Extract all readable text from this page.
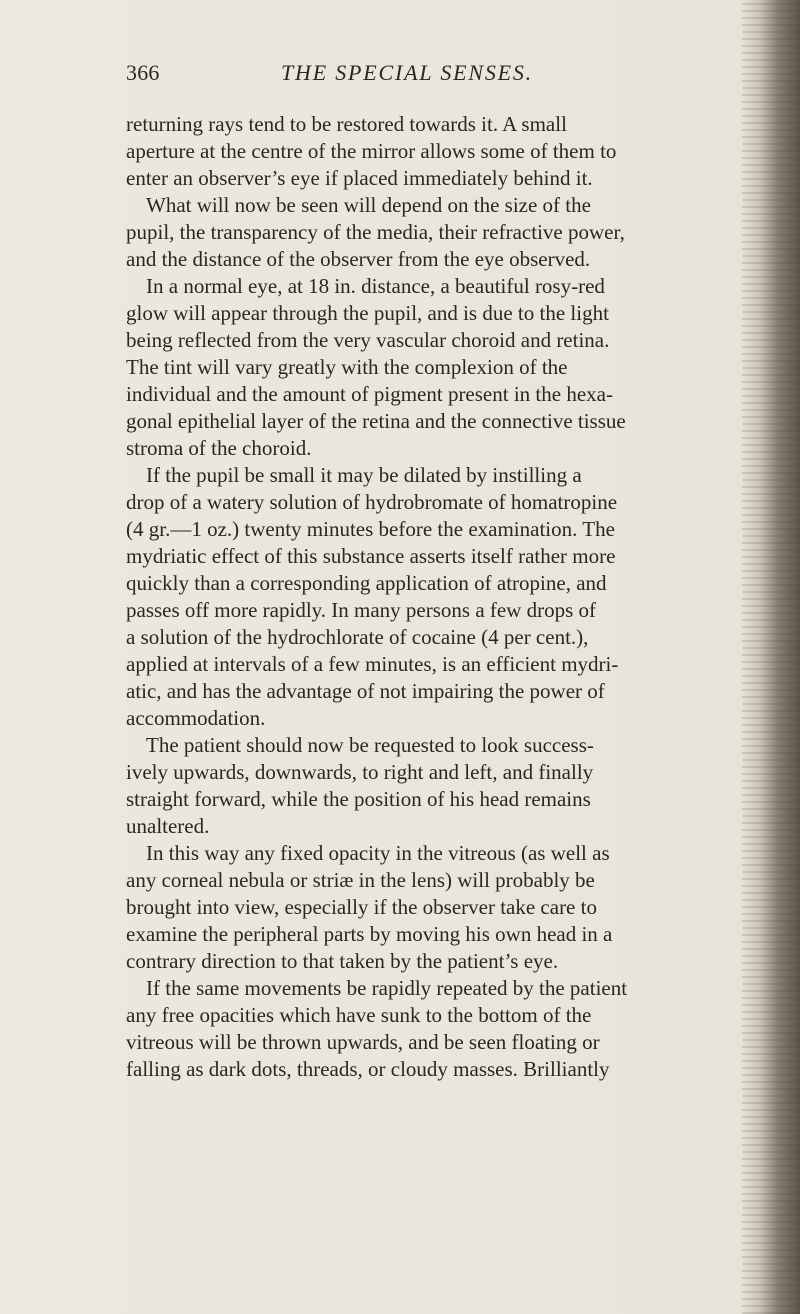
366	THE SPECIAL SENSES.
returning rays tend to be restored towards it. A small
aperture at the centre of the mirror allows some of them to
enter an observer’s eye if placed immediately behind it.
What will now be seen will depend on the size of the
pupil, the transparency of the media, their refractive power,
and the distance of the observer from the eye observed.
In a normal eye, at 18 in. distance, a beautiful rosy-red
glow will appear through the pupil, and is due to the light
being reflected from the very vascular choroid and retina.
The tint will vary greatly with the complexion of the
individual and the amount of pigment present in the hexa-
gonal epithelial layer of the retina and the connective tissue
stroma of the choroid.
If the pupil be small it may be dilated by instilling a
drop of a watery solution of hydrobromate of homatropine
(4 gr.—1 oz.) twenty minutes before the examination. The
mydriatic effect of this substance asserts itself rather more
quickly than a corresponding application of atropine, and
passes off more rapidly. In many persons a few drops of
a solution of the hydrochlorate of cocaine (4 per cent.),
applied at intervals of a few minutes, is an efficient mydri-
atic, and has the advantage of not impairing the power of
accommodation.
The patient should now be requested to look success-
ively upwards, downwards, to right and left, and finally
straight forward, while the position of his head remains
unaltered.
In this way any fixed opacity in the vitreous (as well as
any corneal nebula or striæ in the lens) will probably be
brought into view, especially if the observer take care to
examine the peripheral parts by moving his own head in a
contrary direction to that taken by the patient’s eye.
If the same movements be rapidly repeated by the patient
any free opacities which have sunk to the bottom of the
vitreous will be thrown upwards, and be seen floating or
falling as dark dots, threads, or cloudy masses. Brilliantly
